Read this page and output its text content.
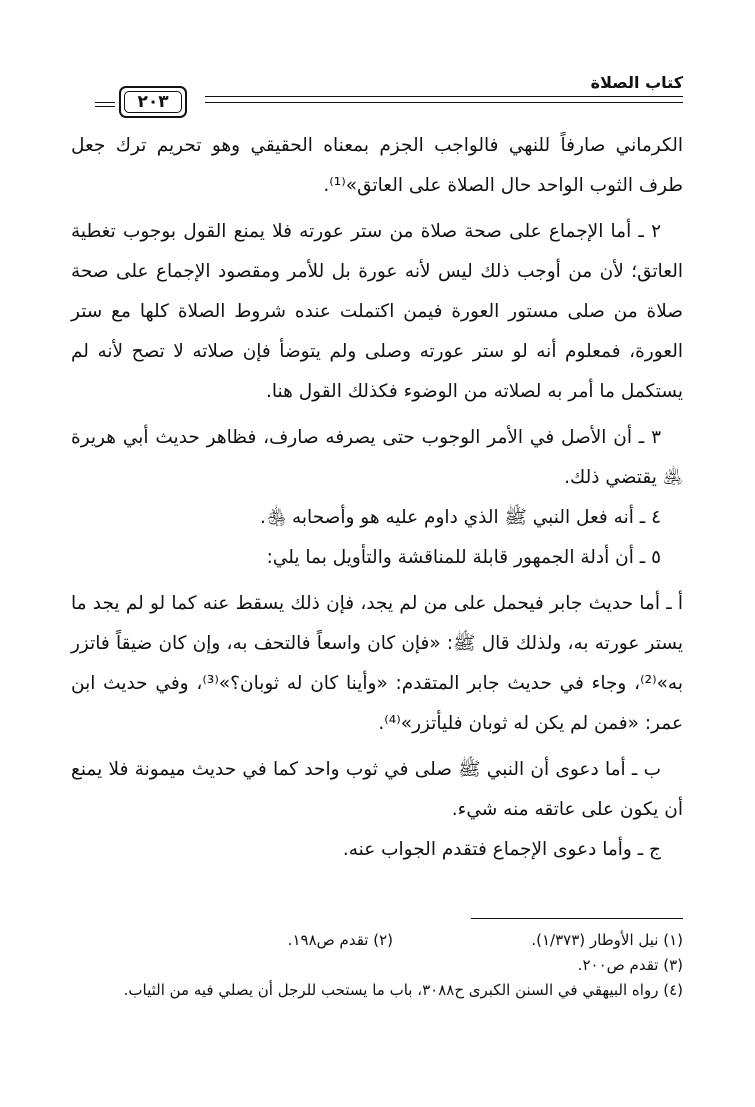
كتاب الصلاة
٢٠٣

الكرماني صارفاً للنهي فالواجب الجزم بمعناه الحقيقي وهو تحريم ترك جعل طرف الثوب الواحد حال الصلاة على العاتق»⁽¹⁾.

٢ ـ أما الإجماع على صحة صلاة من ستر عورته فلا يمنع القول بوجوب تغطية العاتق؛ لأن من أوجب ذلك ليس لأنه عورة بل للأمر ومقصود الإجماع على صحة صلاة من صلى مستور العورة فيمن اكتملت عنده شروط الصلاة كلها مع ستر العورة، فمعلوم أنه لو ستر عورته وصلى ولم يتوضأ فإن صلاته لا تصح لأنه لم يستكمل ما أمر به لصلاته من الوضوء فكذلك القول هنا.

٣ ـ أن الأصل في الأمر الوجوب حتى يصرفه صارف، فظاهر حديث أبي هريرة ﵁ يقتضي ذلك.

٤ ـ أنه فعل النبي ﷺ الذي داوم عليه هو وأصحابه ﵃.

٥ ـ أن أدلة الجمهور قابلة للمناقشة والتأويل بما يلي:

أ ـ أما حديث جابر فيحمل على من لم يجد، فإن ذلك يسقط عنه كما لو لم يجد ما يستر عورته به، ولذلك قال ﷺ: «فإن كان واسعاً فالتحف به، وإن كان ضيقاً فاتزر به»⁽²⁾، وجاء في حديث جابر المتقدم: «وأينا كان له ثوبان؟»⁽³⁾، وفي حديث ابن عمر: «فمن لم يكن له ثوبان فليأتزر»⁽⁴⁾.

ب ـ أما دعوى أن النبي ﷺ صلى في ثوب واحد كما في حديث ميمونة فلا يمنع أن يكون على عاتقه منه شيء.

ج ـ وأما دعوى الإجماع فتقدم الجواب عنه.

(١) نيل الأوطار (١/٣٧٣).
(٢) تقدم ص١٩٨.
(٣) تقدم ص٢٠٠.
(٤) رواه البيهقي في السنن الكبرى ح٣٠٨٨، باب ما يستحب للرجل أن يصلي فيه من الثياب.
